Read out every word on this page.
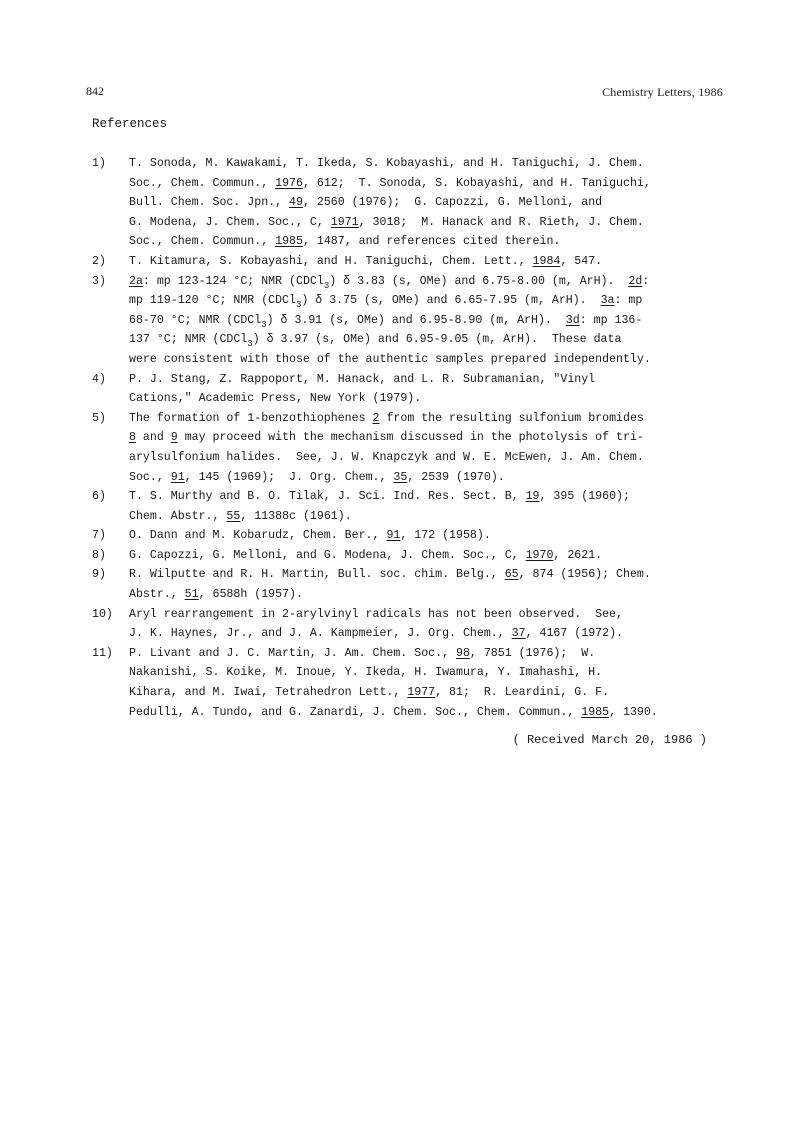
842	Chemistry Letters, 1986
References
1)	T. Sonoda, M. Kawakami, T. Ikeda, S. Kobayashi, and H. Taniguchi, J. Chem.
Soc., Chem. Commun., 1976, 612;  T. Sonoda, S. Kobayashi, and H. Taniguchi,
Bull. Chem. Soc. Jpn., 49, 2560 (1976);  G. Capozzi, G. Melloni, and
G. Modena, J. Chem. Soc., C, 1971, 3018;  M. Hanack and R. Rieth, J. Chem.
Soc., Chem. Commun., 1985, 1487, and references cited therein.
2)	T. Kitamura, S. Kobayashi, and H. Taniguchi, Chem. Lett., 1984, 547.
3)	2a: mp 123-124 °C; NMR (CDCl$_3$) δ 3.83 (s, OMe) and 6.75-8.00 (m, ArH).  2d:
mp 119-120 °C; NMR (CDCl$_3$) δ 3.75 (s, OMe) and 6.65-7.95 (m, ArH).  3a: mp
68-70 °C; NMR (CDCl$_3$) δ 3.91 (s, OMe) and 6.95-8.90 (m, ArH).  3d: mp 136-
137 °C; NMR (CDCl$_3$) δ 3.97 (s, OMe) and 6.95-9.05 (m, ArH).  These data
were consistent with those of the authentic samples prepared independently.
4)	P. J. Stang, Z. Rappoport, M. Hanack, and L. R. Subramanian, "Vinyl
Cations," Academic Press, New York (1979).
5)	The formation of 1-benzothiophenes 2 from the resulting sulfonium bromides
8 and 9 may proceed with the mechanism discussed in the photolysis of tri-
arylsulfonium halides.  See, J. W. Knapczyk and W. E. McEwen, J. Am. Chem.
Soc., 91, 145 (1969);  J. Org. Chem., 35, 2539 (1970).
6)	T. S. Murthy and B. O. Tilak, J. Sci. Ind. Res. Sect. B, 19, 395 (1960);
Chem. Abstr., 55, 11388c (1961).
7)	O. Dann and M. Kobarudz, Chem. Ber., 91, 172 (1958).
8)	G. Capozzi, G. Melloni, and G. Modena, J. Chem. Soc., C, 1970, 2621.
9)	R. Wilputte and R. H. Martin, Bull. soc. chim. Belg., 65, 874 (1956); Chem.
Abstr., 51, 6588h (1957).
10)	Aryl rearrangement in 2-arylvinyl radicals has not been observed.  See,
J. K. Haynes, Jr., and J. A. Kampmeier, J. Org. Chem., 37, 4167 (1972).
11)	P. Livant and J. C. Martin, J. Am. Chem. Soc., 98, 7851 (1976);  W.
Nakanishi, S. Koike, M. Inoue, Y. Ikeda, H. Iwamura, Y. Imahashi, H.
Kihara, and M. Iwai, Tetrahedron Lett., 1977, 81;  R. Leardini, G. F.
Pedulli, A. Tundo, and G. Zanardi, J. Chem. Soc., Chem. Commun., 1985, 1390.
( Received March 20, 1986 )
